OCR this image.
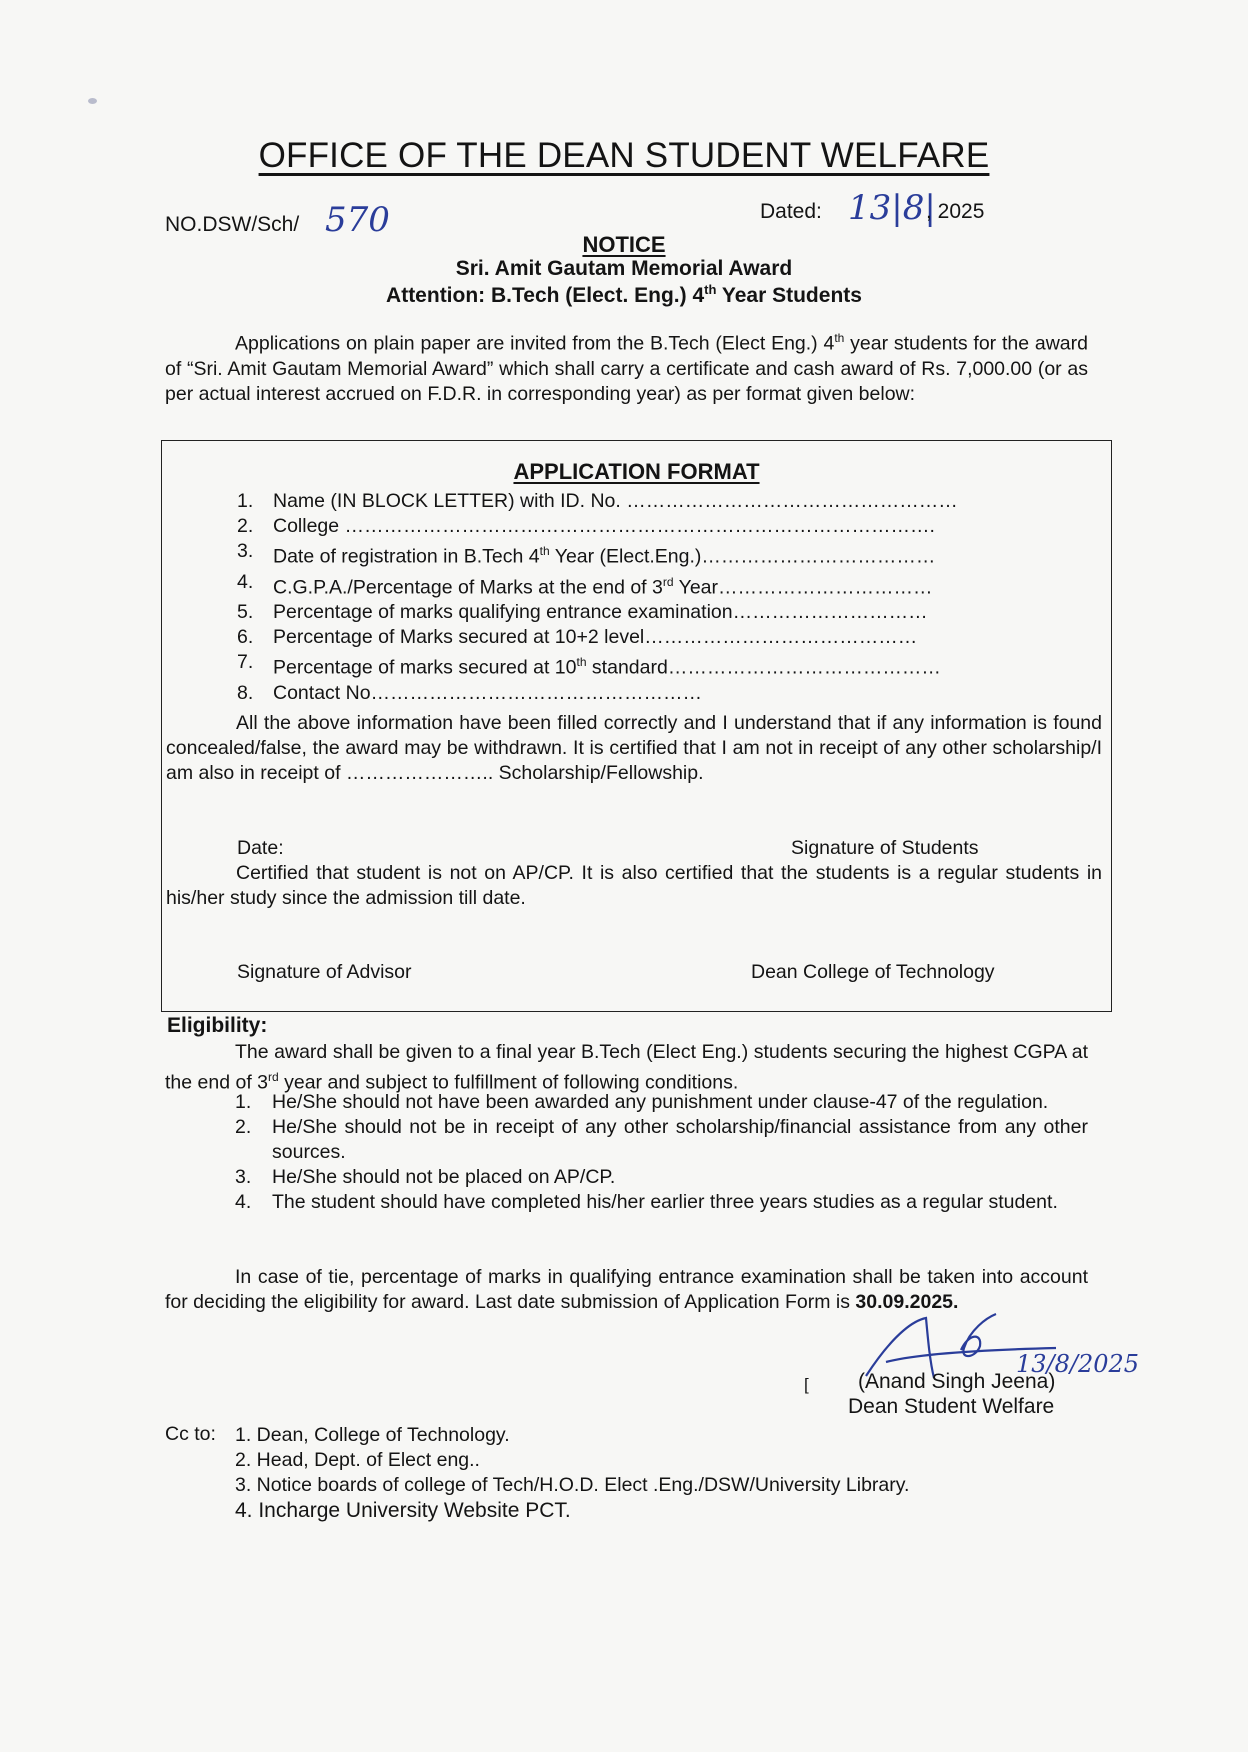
OFFICE OF THE DEAN STUDENT WELFARE
NO.DSW/Sch/ 570	Dated: 13|8|
, 2025
NOTICE
Sri. Amit Gautam Memorial Award
Attention: B.Tech (Elect. Eng.) 4th Year Students
Applications on plain paper are invited from the B.Tech (Elect Eng.) 4th year students for the award of “Sri. Amit Gautam Memorial Award” which shall carry a certificate and cash award of Rs. 7,000.00 (or as per actual interest accrued on F.D.R. in corresponding year) as per format given below:
APPLICATION FORMAT
1.	Name (IN BLOCK LETTER) with ID. No. ……………………………………………
2.	College ……………………………………………………………………………….
3.	Date of registration in B.Tech 4th Year (Elect.Eng.)………………………………
4.	C.G.P.A./Percentage of Marks at the end of 3rd Year……………………………
5.	Percentage of marks qualifying entrance examination…………………………
6.	Percentage of Marks secured at 10+2 level……………………………………
7.	Percentage of marks secured at 10th standard……………………………………
8.	Contact No……………………………………………
All the above information have been filled correctly and I understand that if any information is found concealed/false, the award may be withdrawn. It is certified that I am not in receipt of any other scholarship/I am also in receipt of ………………….. Scholarship/Fellowship.
Date:	Signature of Students
Certified that student is not on AP/CP. It is also certified that the students is a regular students in his/her study since the admission till date.
Signature of Advisor	Dean College of Technology
Eligibility:
The award shall be given to a final year B.Tech (Elect Eng.) students securing the highest CGPA at the end of 3rd year and subject to fulfillment of following conditions.
1.	He/She should not have been awarded any punishment under clause-47 of the regulation.
2.	He/She should not be in receipt of any other scholarship/financial assistance from any other sources.
3.	He/She should not be placed on AP/CP.
4.	The student should have completed his/her earlier three years studies as a regular student.
In case of tie, percentage of marks in qualifying entrance examination shall be taken into account for deciding the eligibility for award. Last date submission of Application Form is 30.09.2025.
13/8/2025
[ (Anand Singh Jeena)
Dean Student Welfare
Cc to: 1. Dean, College of Technology.
2. Head, Dept. of Elect eng..
3. Notice boards of college of Tech/H.O.D. Elect .Eng./DSW/University Library.
4. Incharge University Website PCT.
